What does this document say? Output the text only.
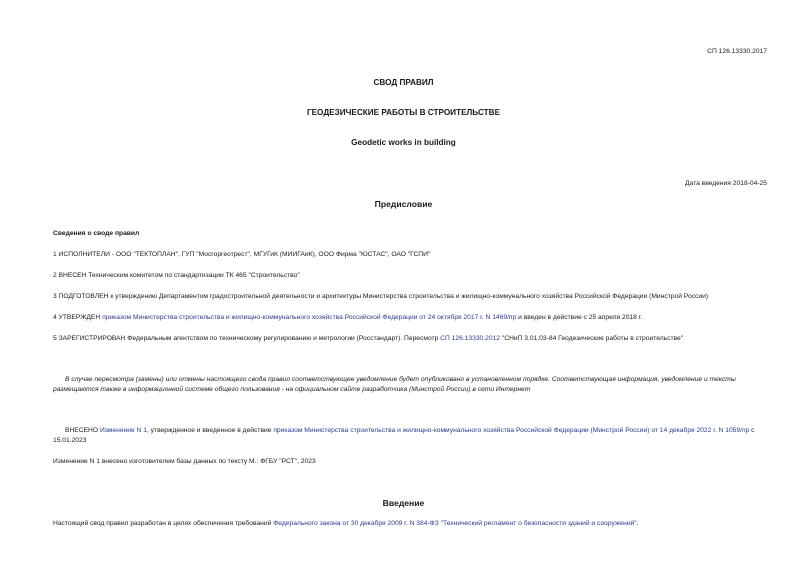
СП 126.13330.2017
СВОД ПРАВИЛ
ГЕОДЕЗИЧЕСКИЕ РАБОТЫ В СТРОИТЕЛЬСТВЕ
Geodetic works in building
Дата введения 2018-04-25
Предисловие
Сведения о своде правил
1 ИСПОЛНИТЕЛИ - ООО "ТЕКТОПЛАН", ГУП "Мосгоргеотрест", МГУГиК (МИИГАиК), ООО Фирма "ЮСТАС", ОАО "ГСПИ"
2 ВНЕСЕН Техническим комитетом по стандартизации ТК 465 "Строительство"
3 ПОДГОТОВЛЕН к утверждению Департаментом градостроительной деятельности и архитектуры Министерства строительства и жилищно-коммунального хозяйства Российской Федерации (Минстрой России)
4 УТВЕРЖДЕН приказом Министерства строительства и жилищно-коммунального хозяйства Российской Федерации от 24 октября 2017 г. N 1469/пр и введен в действие с 25 апреля 2018 г.
5 ЗАРЕГИСТРИРОВАН Федеральным агентством по техническому регулированию и метрологии (Росстандарт). Пересмотр СП 126.13330.2012 "СНиП 3.01.03-84 Геодезические работы в строительстве"
В случае пересмотра (замены) или отмены настоящего свода правил соответствующее уведомление будет опубликовано в установленном порядке. Соответствующая информация, уведомление и тексты размещаются также в информационной системе общего пользования - на официальном сайте разработчика (Минстрой России) в сети Интернет
ВНЕСЕНО Изменение N 1, утвержденное и введенное в действие приказом Министерства строительства и жилищно-коммунального хозяйства Российской Федерации (Минстрой России) от 14 декабря 2022 г. N 1059/пр с 15.01.2023
Изменение N 1 внесено изготовителем базы данных по тексту М.: ФГБУ "РСТ", 2023
Введение
Настоящий свод правил разработан в целях обеспечения требований Федерального закона от 30 декабря 2009 г. N 384-ФЗ "Технический регламент о безопасности зданий и сооружений".
